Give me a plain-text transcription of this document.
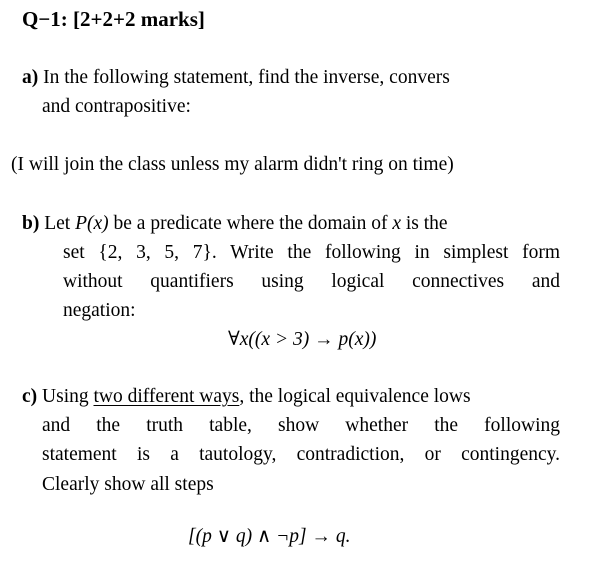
Q−1: [2+2+2 marks]
a) In the following statement, find the inverse, convers
and contrapositive:
(I will join the class unless my alarm didn't ring on time)
b) Let P(x) be a predicate where the domain of x is the
set {2, 3, 5, 7}. Write the following in simplest form
without quantifiers using logical connectives and
negation:
∀x((x > 3) → p(x))
c) Using two different ways, the logical equivalence lows
and the truth table, show whether the following
statement is a tautology, contradiction, or contingency.
Clearly show all steps
[(p ∨ q) ∧ ¬p] → q.
